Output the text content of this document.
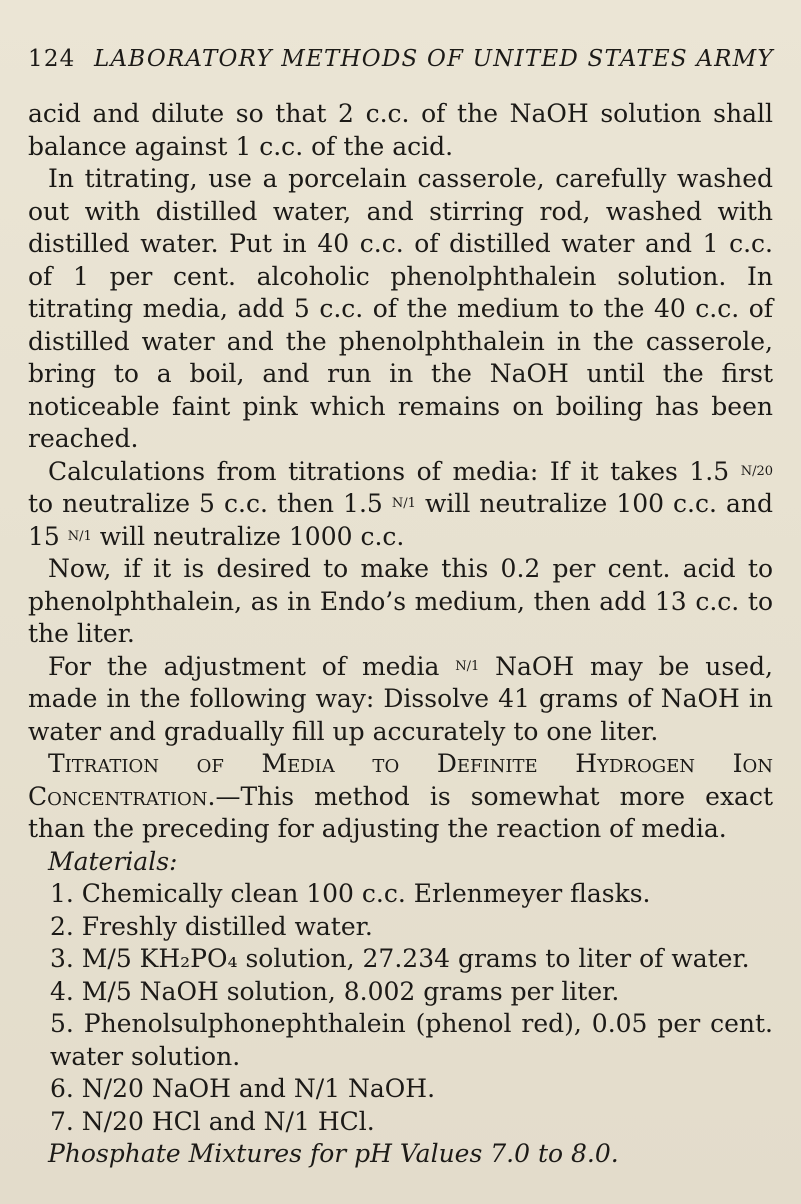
124 LABORATORY METHODS OF UNITED STATES ARMY

acid and dilute so that 2 c.c. of the NaOH solution shall balance against 1 c.c. of the acid.

In titrating, use a porcelain casserole, carefully washed out with distilled water, and stirring rod, washed with distilled water. Put in 40 c.c. of distilled water and 1 c.c. of 1 per cent. alcoholic phenolphthalein solution. In titrating media, add 5 c.c. of the medium to the 40 c.c. of distilled water and the phenolphthalein in the casserole, bring to a boil, and run in the NaOH until the first noticeable faint pink which remains on boiling has been reached.

Calculations from titrations of media: If it takes 1.5 $^{N/20}$ to neutralize 5 c.c. then 1.5 $^{N/1}$ will neutralize 100 c.c. and 15 $^{N/1}$ will neutralize 1000 c.c.

Now, if it is desired to make this 0.2 per cent. acid to phenolphthalein, as in Endo’s medium, then add 13 c.c. to the liter.

For the adjustment of media $^{N/1}$ NaOH may be used, made in the following way: Dissolve 41 grams of NaOH in water and gradually fill up accurately to one liter.

Titration of Media to Definite Hydrogen Ion Concentration.—This method is somewhat more exact than the preceding for adjusting the reaction of media.

Materials:

1. Chemically clean 100 c.c. Erlenmeyer flasks.

2. Freshly distilled water.

3. M/5 KH₂PO₄ solution, 27.234 grams to liter of water.

4. M/5 NaOH solution, 8.002 grams per liter.

5. Phenolsulphonephthalein (phenol red), 0.05 per cent. water solution.

6. N/20 NaOH and N/1 NaOH.

7. N/20 HCl and N/1 HCl.

Phosphate Mixtures for pH Values 7.0 to 8.0.
